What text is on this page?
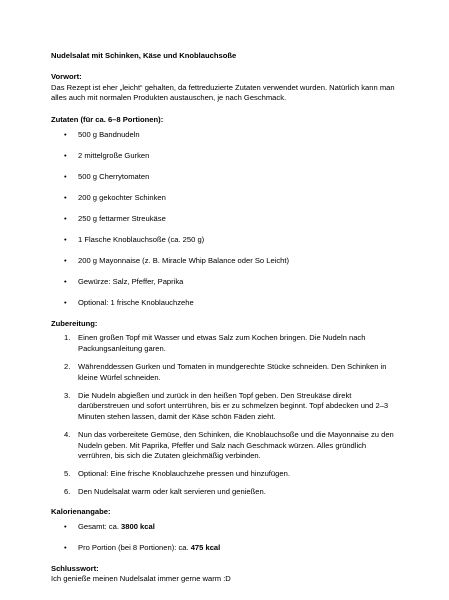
Nudelsalat mit Schinken, Käse und Knoblauchsoße
Vorwort:
Das Rezept ist eher „leicht“ gehalten, da fettreduzierte Zutaten verwendet wurden. Natürlich kann man alles auch mit normalen Produkten austauschen, je nach Geschmack.
Zutaten (für ca. 6–8 Portionen):
• 500 g Bandnudeln
• 2 mittelgroße Gurken
• 500 g Cherrytomaten
• 200 g gekochter Schinken
• 250 g fettarmer Streukäse
• 1 Flasche Knoblauchsoße (ca. 250 g)
• 200 g Mayonnaise (z. B. Miracle Whip Balance oder So Leicht)
• Gewürze: Salz, Pfeffer, Paprika
• Optional: 1 frische Knoblauchzehe
Zubereitung:
1. Einen großen Topf mit Wasser und etwas Salz zum Kochen bringen. Die Nudeln nach Packungsanleitung garen.
2. Währenddessen Gurken und Tomaten in mundgerechte Stücke schneiden. Den Schinken in kleine Würfel schneiden.
3. Die Nudeln abgießen und zurück in den heißen Topf geben. Den Streukäse direkt darüberstreuen und sofort unterrühren, bis er zu schmelzen beginnt. Topf abdecken und 2–3 Minuten stehen lassen, damit der Käse schön Fäden zieht.
4. Nun das vorbereitete Gemüse, den Schinken, die Knoblauchsoße und die Mayonnaise zu den Nudeln geben. Mit Paprika, Pfeffer und Salz nach Geschmack würzen. Alles gründlich verrühren, bis sich die Zutaten gleichmäßig verbinden.
5. Optional: Eine frische Knoblauchzehe pressen und hinzufügen.
6. Den Nudelsalat warm oder kalt servieren und genießen.
Kalorienangabe:
• Gesamt: ca. 3800 kcal
• Pro Portion (bei 8 Portionen): ca. 475 kcal
Schlusswort:
Ich genieße meinen Nudelsalat immer gerne warm :D
